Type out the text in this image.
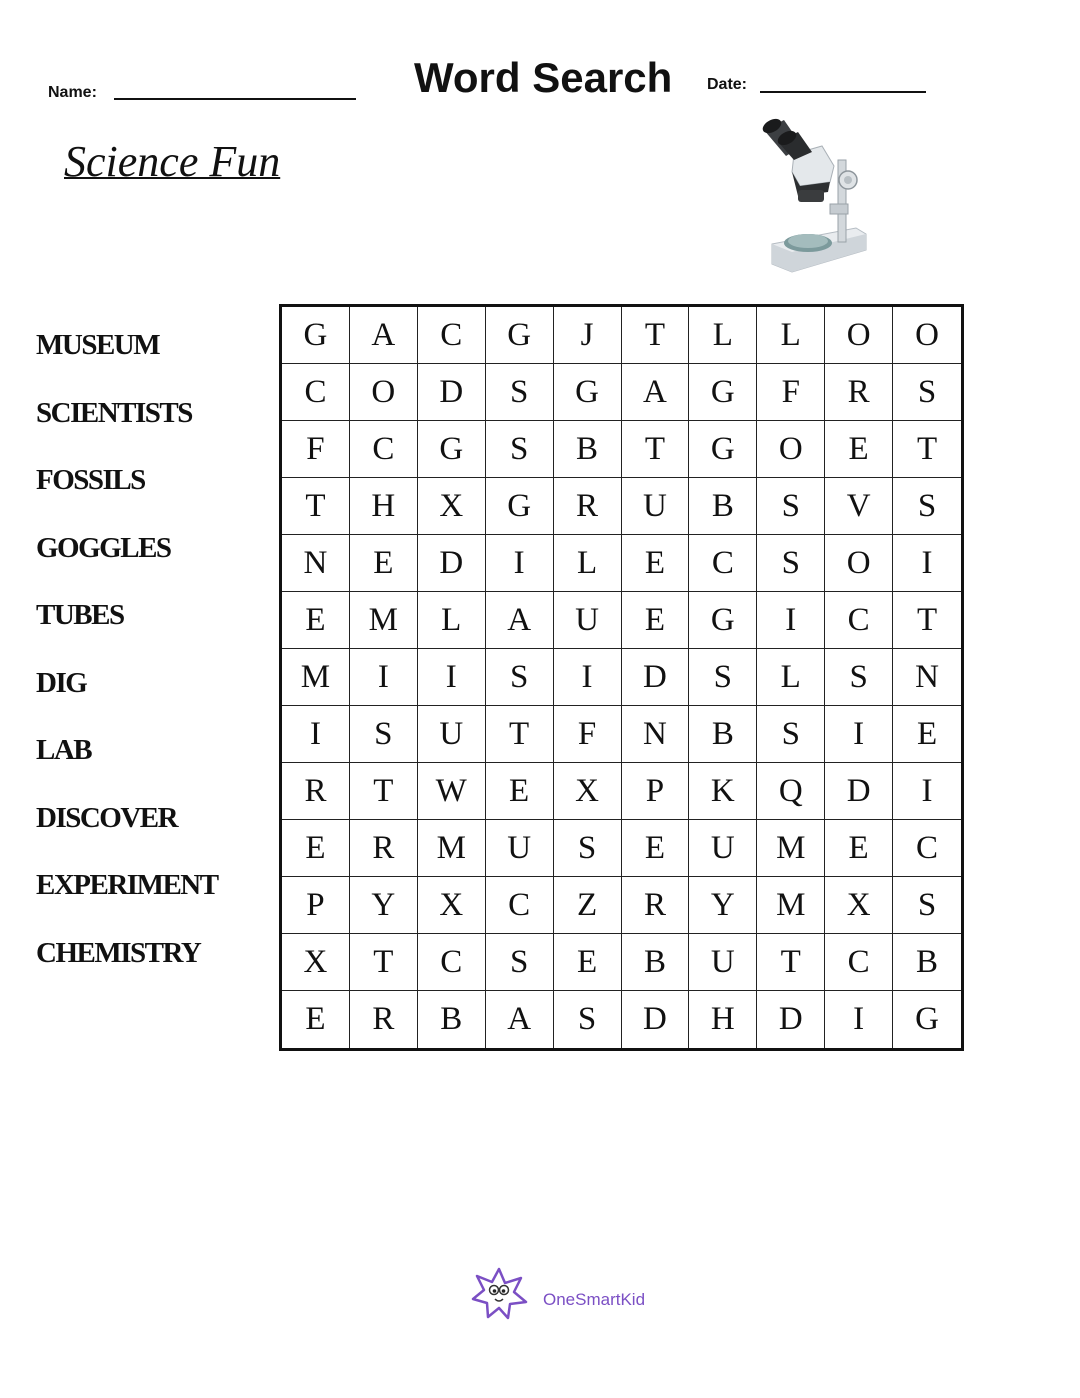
Name:	Word Search Date:
Science Fun
MUSEUM
SCIENTISTS
FOSSILS
GOGGLES
TUBES
DIG
LAB
DISCOVER
EXPERIMENT
CHEMISTRY
G	A	C	G	J	T	L	L	O	O
C	O	D	S	G	A	G	F	R	S
F	C	G	S	B	T	G	O	E	T
T	H	X	G	R	U	B	S	V	S
N	E	D	I	L	E	C	S	O	I
E	M	L	A	U	E	G	I	C	T
M	I	I	S	I	D	S	L	S	N
I	S	U	T	F	N	B	S	I	E
R	T	W	E	X	P	K	Q	D	I
E	R	M	U	S	E	U	M	E	C
P	Y	X	C	Z	R	Y	M	X	S
X	T	C	S	E	B	U	T	C	B
E	R	B	A	S	D	H	D	I	G
OneSmartKid
